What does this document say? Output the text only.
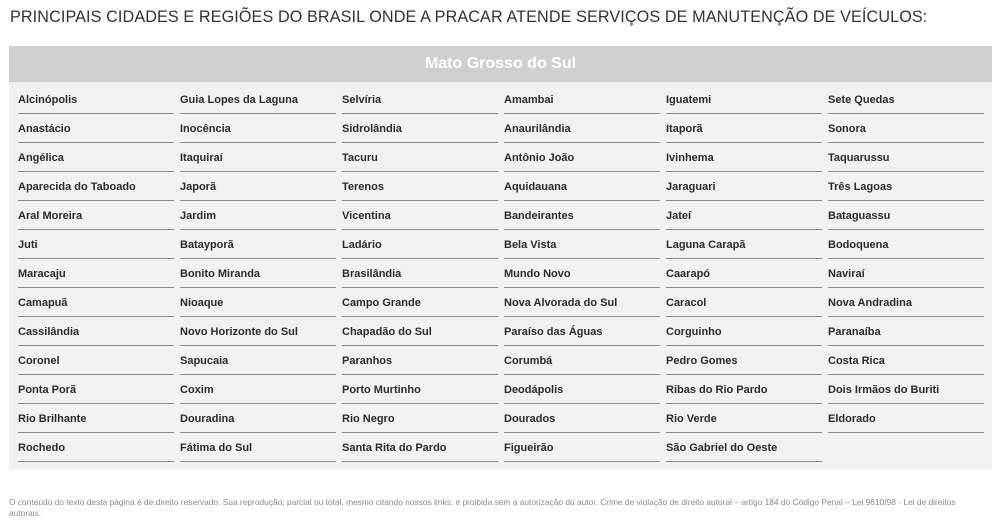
PRINCIPAIS CIDADES E REGIÕES DO BRASIL ONDE A PRACAR ATENDE SERVIÇOS DE MANUTENÇÃO DE VEÍCULOS:
Mato Grosso do Sul
Alcinópolis	Guia Lopes da Laguna	Selvíria	Amambai	Iguatemi	Sete Quedas
Anastácio	Inocência	Sidrolândia	Anaurilândia	Itaporã	Sonora
Angélica	Itaquiraí	Tacuru	Antônio João	Ivinhema	Taquarussu
Aparecida do Taboado	Japorã	Terenos	Aquidauana	Jaraguari	Três Lagoas
Aral Moreira	Jardim	Vicentina	Bandeirantes	Jateí	Bataguassu
Juti	Batayporã	Ladário	Bela Vista	Laguna Carapã	Bodoquena
Maracaju	Bonito Miranda	Brasilândia	Mundo Novo	Caarapó	Naviraí
Camapuã	Nioaque	Campo Grande	Nova Alvorada do Sul	Caracol	Nova Andradina
Cassilândia	Novo Horizonte do Sul	Chapadão do Sul	Paraíso das Águas	Corguinho	Paranaíba
Coronel	Sapucaia	Paranhos	Corumbá	Pedro Gomes	Costa Rica
Ponta Porã	Coxim	Porto Murtinho	Deodápolis	Ribas do Rio Pardo	Dois Irmãos do Buriti
Rio Brilhante	Douradina	Rio Negro	Dourados	Rio Verde	Eldorado
Rochedo	Fátima do Sul	Santa Rita do Pardo	Figueirão	São Gabriel do Oeste
O conteúdo do texto desta página é de direito reservado. Sua reprodução, parcial ou total, mesmo citando nossos links, é proibida sem a autorização do autor. Crime de violação de direito autoral – artigo 184 do Código Penal – Lei 9610/98 - Lei de direitos autorais.
